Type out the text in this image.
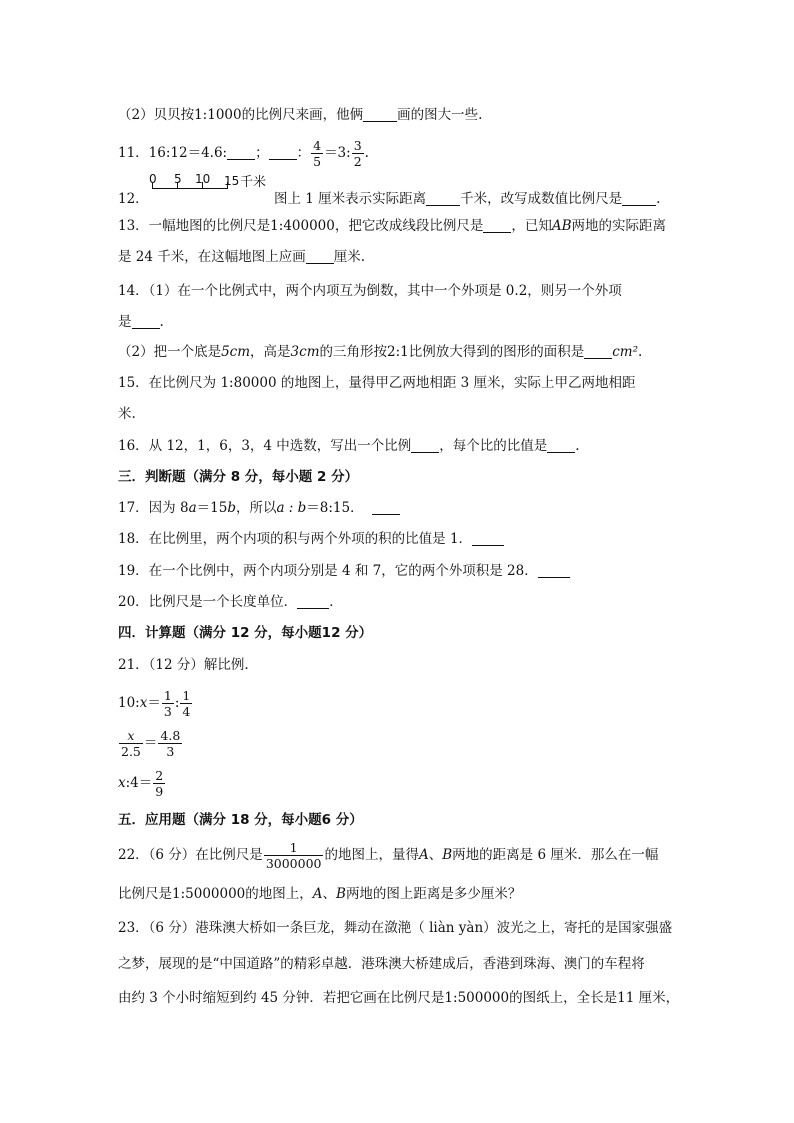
（2）贝贝按1:1000的比例尺来画，他俩	画的图大一些.
11．16:12＝4.6: ； ： $\frac{4}{5} =3$: $\frac{3}{2}$ .
12．
0 5 10 15 千米
图上 1 厘米表示实际距离	千米，改写成数值比例尺是	.
13．一幅地图的比例尺是1:400000，把它改成线段比例尺是 ，已知AB两地的实际距离
是 24 千米，在这幅地图上应画 厘米.
14．（1）在一个比例式中，两个内项互为倒数，其中一个外项是 0.2，则另一个外项
是 .
（2）把一个底是5cm，高是3cm的三角形按2:1比例放大得到的图形的面积是 cm².
15．在比例尺为 1:80000 的地图上，量得甲乙两地相距 3 厘米，实际上甲乙两地相距
米.
16．从 12，1，6，3，4 中选数，写出一个比例 ，每个比的比值是 .
三．判断题（满分 8 分，每小题 2 分）
17．因为 8a＝15b，所以a : b＝8:15．
18．在比例里，两个内项的积与两个外项的积的比值是 1．
19．在一个比例中，两个内项分别是 4 和 7，它的两个外项积是 28．
20．比例尺是一个长度单位． ．
四．计算题（满分 12 分，每小题12 分）
21．（12 分）解比例.
10:x＝ $\frac{1}{3}$ : $\frac{1}{4}$
$\frac{x}{2.5} = \frac{4.8}{3}$
x:4＝ $\frac{2}{9}$
五．应用题（满分 18 分，每小题6 分）
22．（6 分）在比例尺是 $\frac{1}{3000000}$ 的地图上，量得A、B两地的距离是 6 厘米．那么在一幅
比例尺是1:5000000的地图上，A、B两地的图上距离是多少厘米？
23．（6 分）港珠澳大桥如一条巨龙，舞动在潋滟（ liàn yàn）波光之上，寄托的是国家强盛
之梦，展现的是“中国道路”的精彩卓越．港珠澳大桥建成后，香港到珠海、澳门的车程将
由约 3 个小时缩短到约 45 分钟．若把它画在比例尺是1:500000的图纸上，全长是11 厘米，
